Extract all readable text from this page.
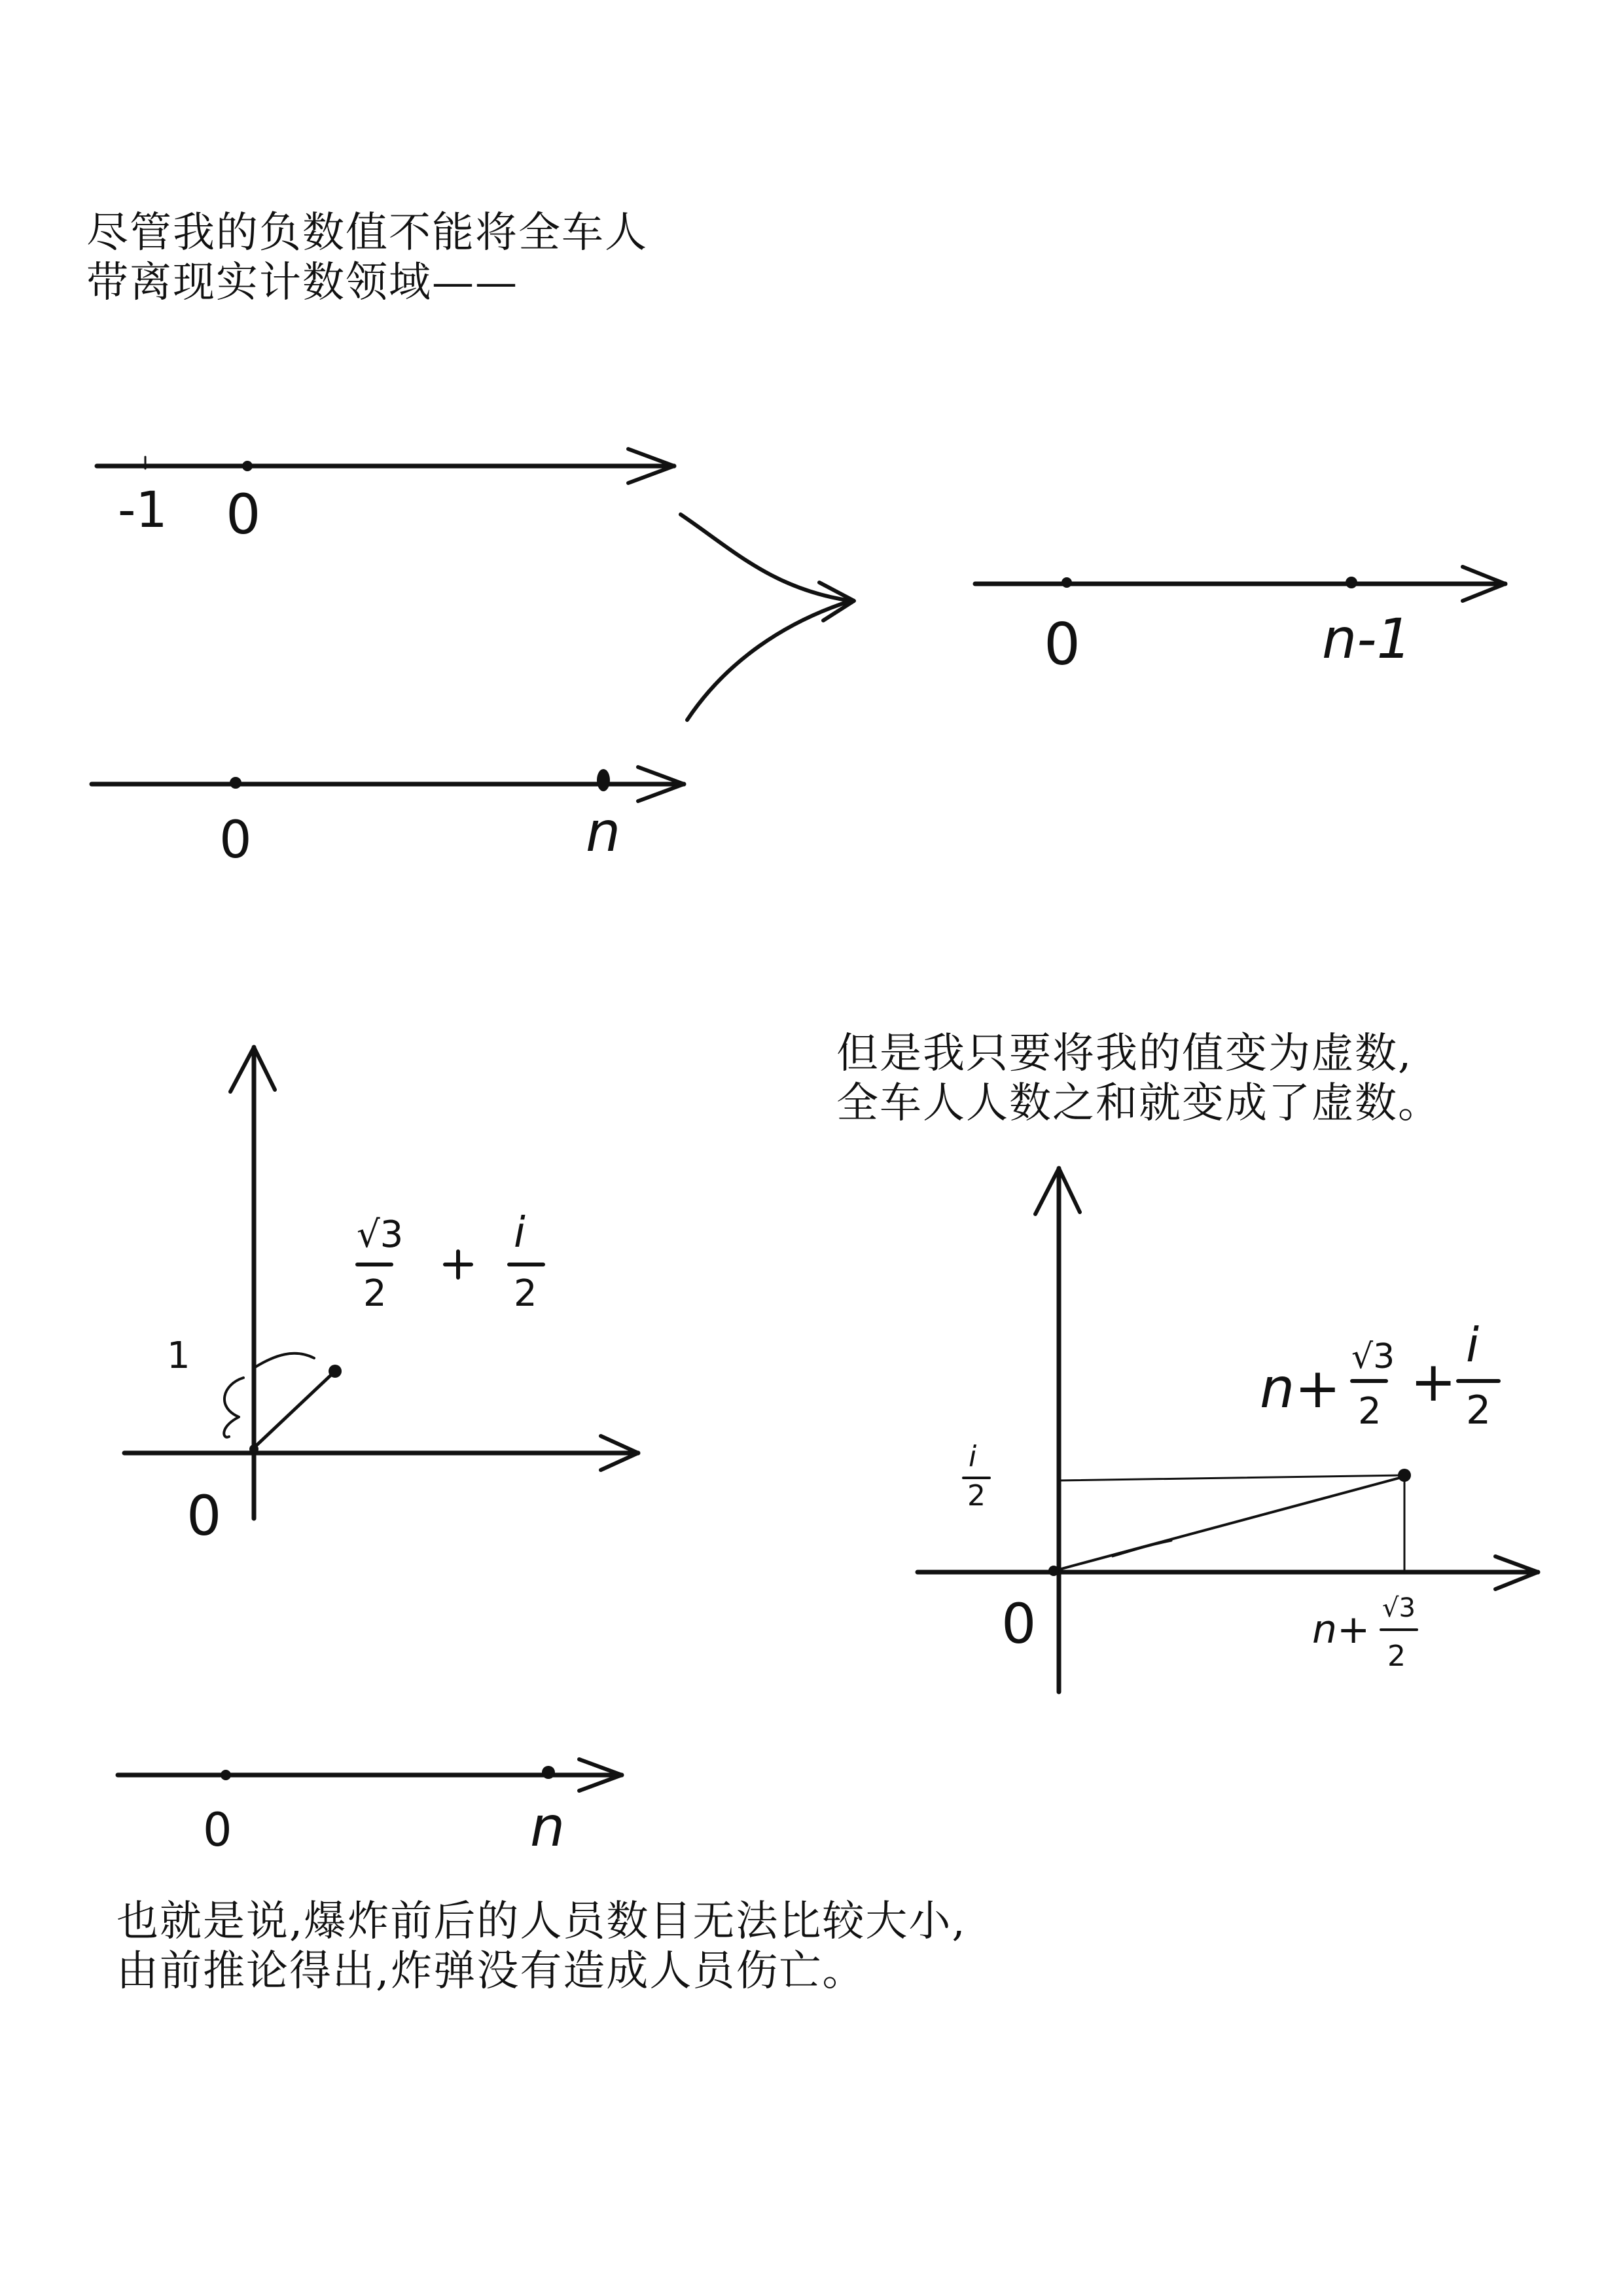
尽管我的负数值不能将全车人
带离现实计数领域——
但是我只要将我的值变为虚数,
全车人人数之和就变成了虚数。
也就是说,爆炸前后的人员数目无法比较大小,
由前推论得出,炸弹没有造成人员伤亡。
-1 0
0	n
0	n-1
0
1
√3
2
i
2
0	n
0
i
2
n+ √3
2
n+ √3
2 +
i
2
